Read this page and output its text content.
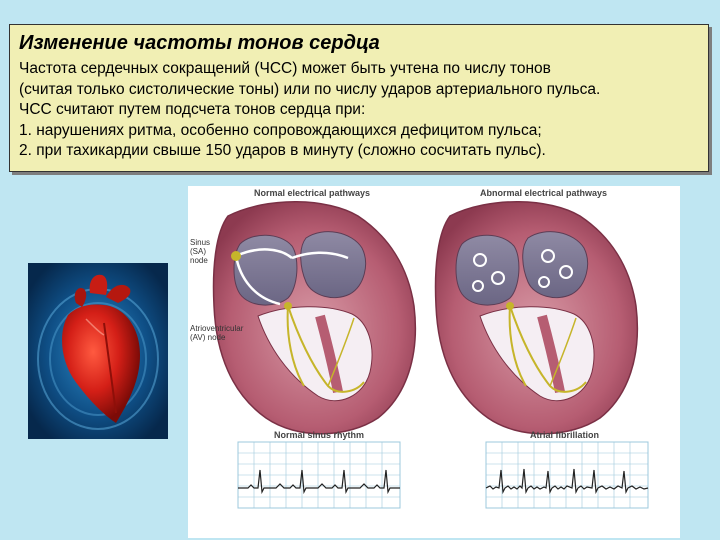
Изменение частоты тонов сердца
Частота сердечных сокращений (ЧСС) может быть учтена по числу тонов
(считая только систолические тоны) или по числу ударов артериального пульса.
ЧСС считают путем подсчета тонов сердца при:
1. нарушениях ритма, особенно сопровождающихся дефицитом пульса;
2. при тахикардии свыше 150 ударов в минуту (сложно сосчитать пульс).
Normal electrical pathways	Abnormal electrical pathways
Sinus
(SA)
node
Atrioventricular
(AV) node
Normal sinus rhythm	Atrial fibrillation
